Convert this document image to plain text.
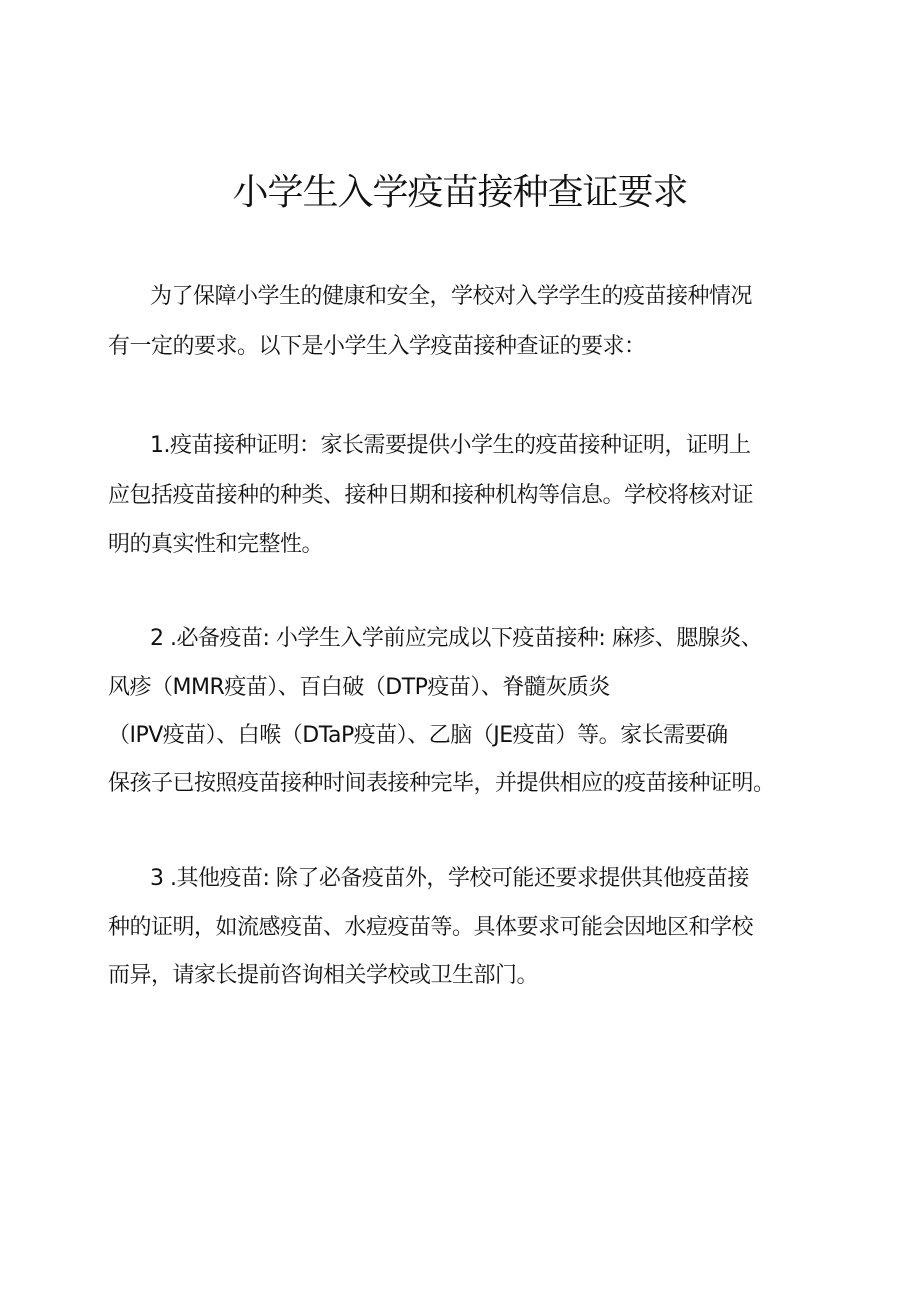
小学生入学疫苗接种查证要求

为了保障小学生的健康和安全，学校对入学学生的疫苗接种情况

有一定的要求。以下是小学生入学疫苗接种查证的要求：

1.疫苗接种证明：家长需要提供小学生的疫苗接种证明，证明上

应包括疫苗接种的种类、接种日期和接种机构等信息。学校将核对证

明的真实性和完整性。

2 .必备疫苗: 小学生入学前应完成以下疫苗接种: 麻疹、腮腺炎、

风疹（MMR疫苗）、百白破（DTP疫苗）、脊髓灰质炎

（IPV疫苗）、白喉（DTaP疫苗）、乙脑（JE疫苗）等。家长需要确

保孩子已按照疫苗接种时间表接种完毕，并提供相应的疫苗接种证明。

3 .其他疫苗: 除了必备疫苗外，学校可能还要求提供其他疫苗接

种的证明，如流感疫苗、水痘疫苗等。具体要求可能会因地区和学校

而异，请家长提前咨询相关学校或卫生部门。
